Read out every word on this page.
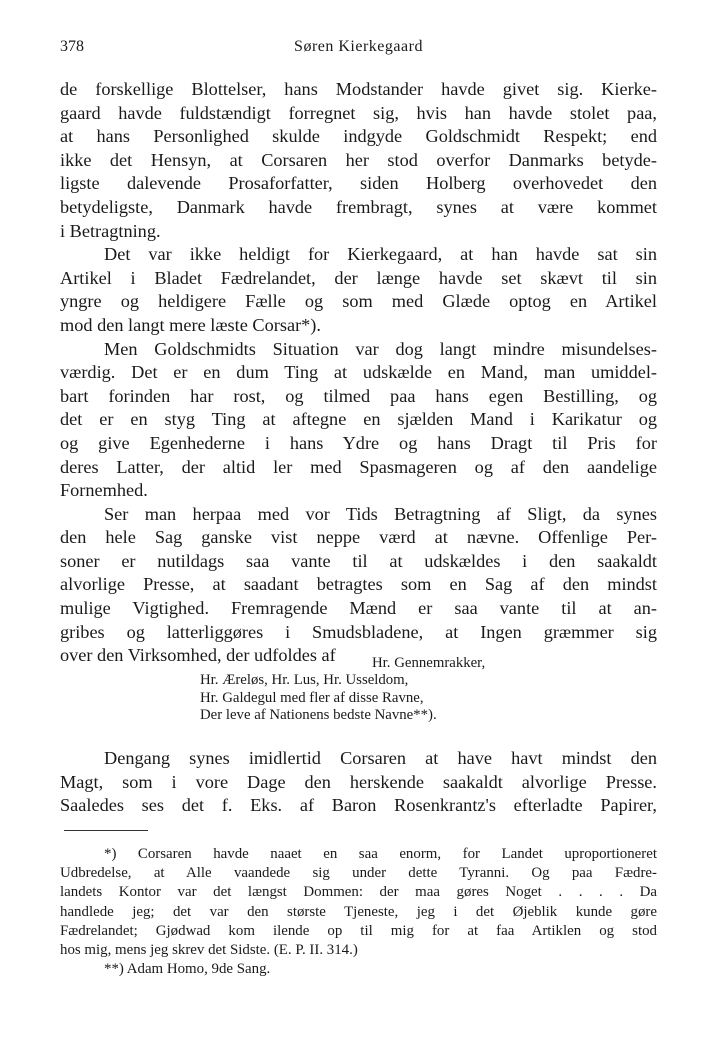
378	Søren Kierkegaard
de forskellige Blottelser, hans Modstander havde givet sig. Kierke-
gaard havde fuldstændigt forregnet sig, hvis han havde stolet paa,
at hans Personlighed skulde indgyde Goldschmidt Respekt; end
ikke det Hensyn, at Corsaren her stod overfor Danmarks betyde-
ligste dalevende Prosaforfatter, siden Holberg overhovedet den
betydeligste, Danmark havde frembragt, synes at være kommet
i Betragtning.
Det var ikke heldigt for Kierkegaard, at han havde sat sin
Artikel i Bladet Fædrelandet, der længe havde set skævt til sin
yngre og heldigere Fælle og som med Glæde optog en Artikel
mod den langt mere læste Corsar*).
Men Goldschmidts Situation var dog langt mindre misundelses-
værdig. Det er en dum Ting at udskælde en Mand, man umiddel-
bart forinden har rost, og tilmed paa hans egen Bestilling, og
det er en styg Ting at aftegne en sjælden Mand i Karikatur og
og give Egenhederne i hans Ydre og hans Dragt til Pris for
deres Latter, der altid ler med Spasmageren og af den aandelige
Fornemhed.
Ser man herpaa med vor Tids Betragtning af Sligt, da synes
den hele Sag ganske vist neppe værd at nævne. Offenlige Per-
soner er nutildags saa vante til at udskældes i den saakaldt
alvorlige Presse, at saadant betragtes som en Sag af den mindst
mulige Vigtighed. Fremragende Mænd er saa vante til at an-
gribes og latterliggøres i Smudsbladene, at Ingen græmmer sig
over den Virksomhed, der udfoldes af	Hr. Gennemrakker,
Hr. Æreløs, Hr. Lus, Hr. Usseldom,
Hr. Galdegul med fler af disse Ravne,
Der leve af Nationens bedste Navne**).
Dengang synes imidlertid Corsaren at have havt mindst den
Magt, som i vore Dage den herskende saakaldt alvorlige Presse.
Saaledes ses det f. Eks. af Baron Rosenkrantz's efterladte Papirer,
*) Corsaren havde naaet en saa enorm, for Landet uproportioneret
Udbredelse, at Alle vaandede sig under dette Tyranni. Og paa Fædre-
landets Kontor var det længst Dommen: der maa gøres Noget . . . . Da
handlede jeg; det var den største Tjeneste, jeg i det Øjeblik kunde gøre
Fædrelandet; Gjødwad kom ilende op til mig for at faa Artiklen og stod
hos mig, mens jeg skrev det Sidste. (E. P. II. 314.)
**) Adam Homo, 9de Sang.
